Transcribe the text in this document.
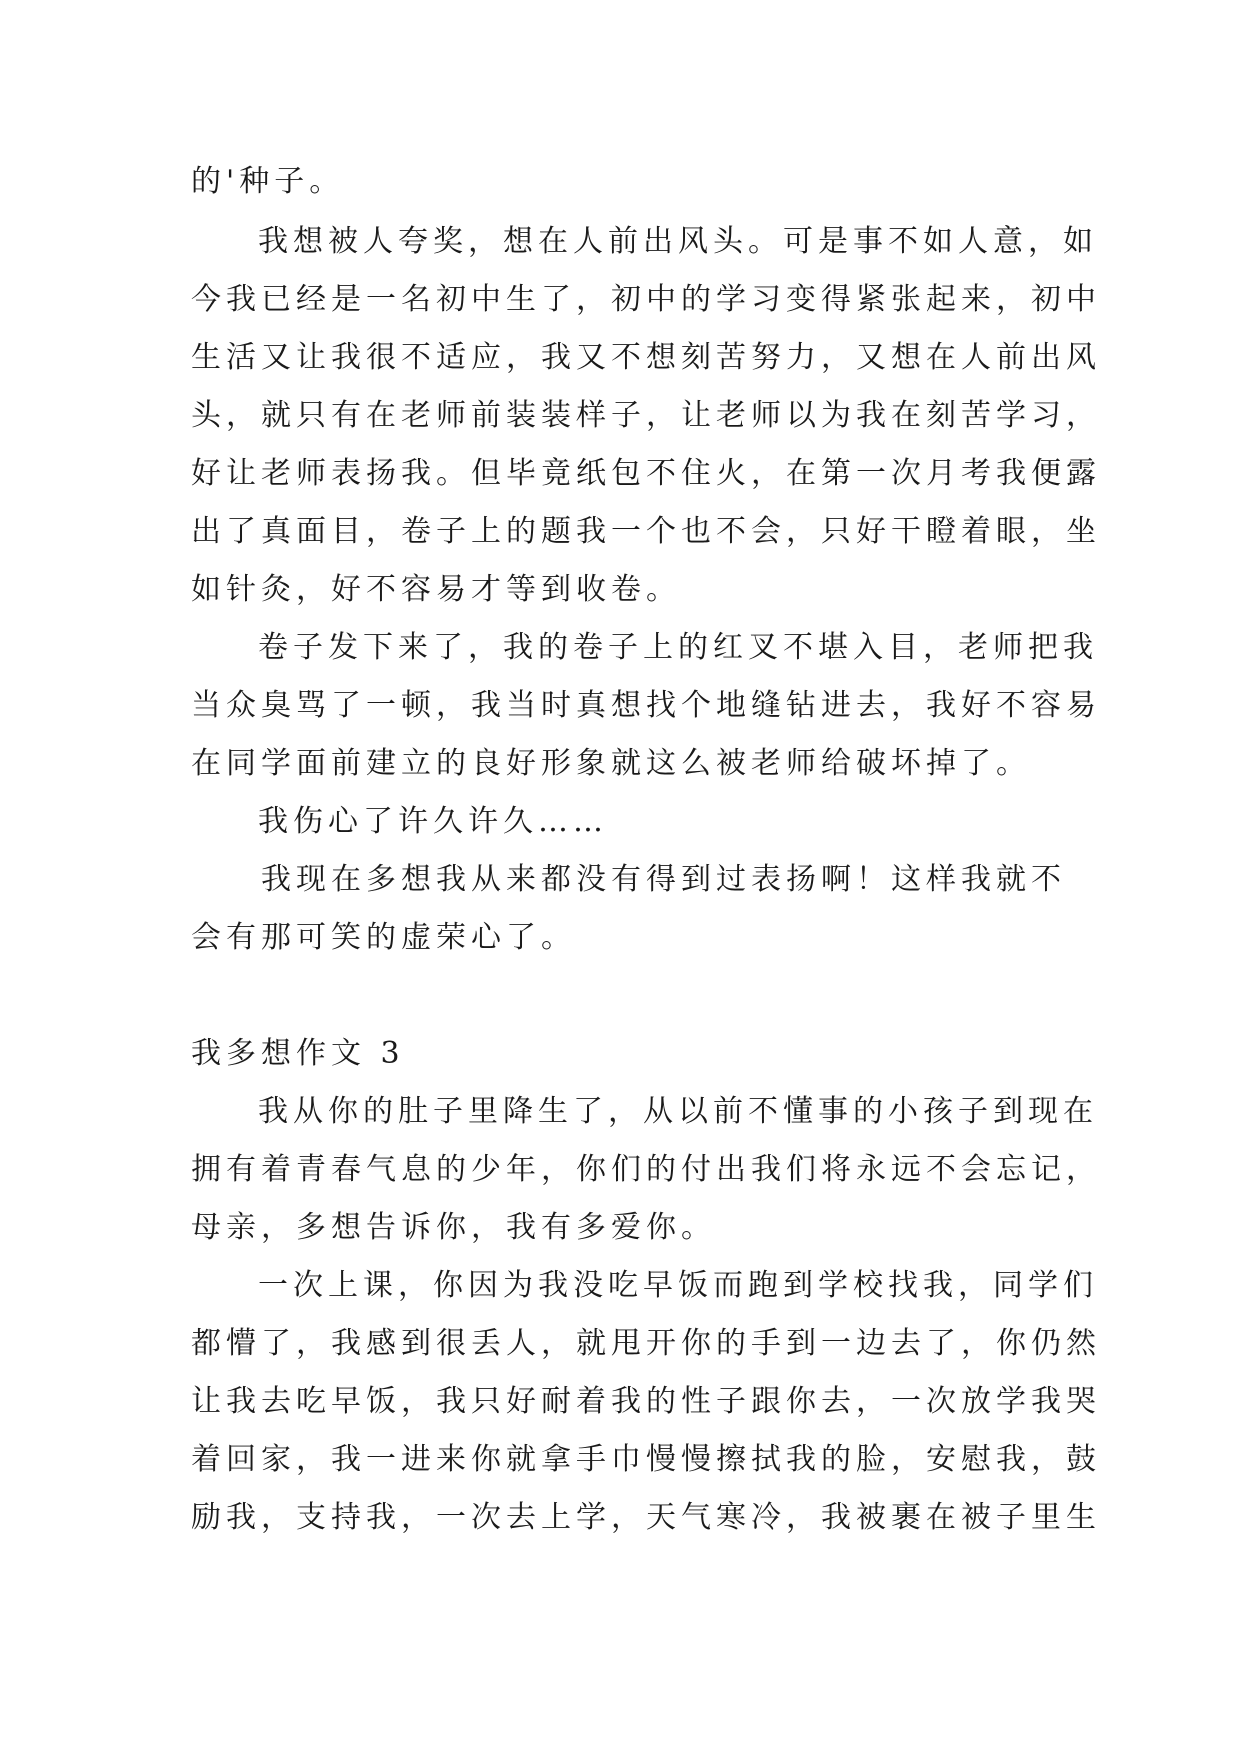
的'种子。
我想被人夸奖，想在人前出风头。可是事不如人意，如
今我已经是一名初中生了，初中的学习变得紧张起来，初中
生活又让我很不适应，我又不想刻苦努力，又想在人前出风
头，就只有在老师前装装样子，让老师以为我在刻苦学习，
好让老师表扬我。但毕竟纸包不住火，在第一次月考我便露
出了真面目，卷子上的题我一个也不会，只好干瞪着眼，坐
如针灸，好不容易才等到收卷。
卷子发下来了，我的卷子上的红叉不堪入目，老师把我
当众臭骂了一顿，我当时真想找个地缝钻进去，我好不容易
在同学面前建立的良好形象就这么被老师给破坏掉了。
我伤心了许久许久……
我现在多想我从来都没有得到过表扬啊！这样我就不
会有那可笑的虚荣心了。
我多想作文 3
我从你的肚子里降生了，从以前不懂事的小孩子到现在
拥有着青春气息的少年，你们的付出我们将永远不会忘记，
母亲，多想告诉你，我有多爱你。
一次上课，你因为我没吃早饭而跑到学校找我，同学们
都懵了，我感到很丢人，就甩开你的手到一边去了，你仍然
让我去吃早饭，我只好耐着我的性子跟你去，一次放学我哭
着回家，我一进来你就拿手巾慢慢擦拭我的脸，安慰我，鼓
励我，支持我，一次去上学，天气寒冷，我被裹在被子里生
